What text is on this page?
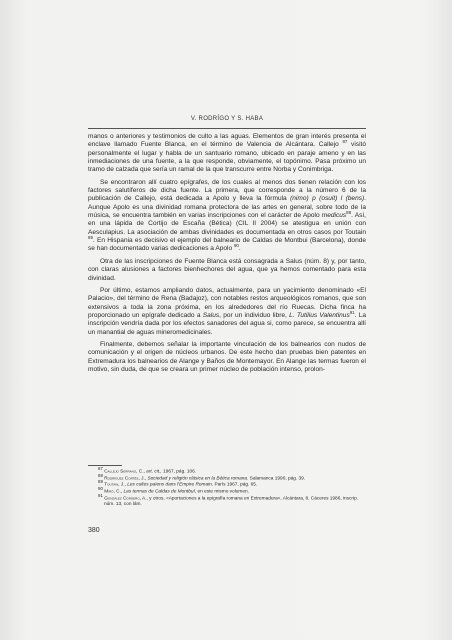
V. RODRÍGO Y S. HABA

manos o anteriores y testimonios de culto a las aguas. Elementos de gran interés presenta el enclave llamado Fuente Blanca, en el término de Valencia de Alcántara. Callejo $^{87}$ visitó personalmente el lugar y habla de un santuario romano, ubicado en paraje ameno y en las inmediaciones de una fuente, a la que responde, obviamente, el topónimo. Pasa próximo un tramo de calzada que sería un ramal de la que transcurre entre Norba y Conimbriga.

Se encontraron allí cuatro epígrafes, de los cuales al menos dos tienen relación con los factores salutíferos de dicha fuente. La primera, que corresponde a la número 6 de la publicación de Callejo, está dedicada a Apolo y lleva la fórmula (nimo) p (osuit) l (bens). Aunque Apolo es una divinidad romana protectora de las artes en general, sobre todo de la música, se encuentra también en varias inscripciones con el carácter de Apolo medicus$^{88}$. Así, en una lápida de Cortijo de Escaña (Bética) (CIL II 2004) se atestigua en unión con Aesculapius. La asociación de ambas divinidades es documentada en otros casos por Toutain $^{89}$. En Hispania es decisivo el ejemplo del balneario de Caldas de Montbui (Barcelona), donde se han documentado varias dedicaciones a Apolo $^{90}$.

Otra de las inscripciones de Fuente Blanca está consagrada a Salus (núm. 8) y, por tanto, con claras alusiones a factores bienhechores del agua, que ya hemos comentado para esta divinidad.

Por último, estamos ampliando datos, actualmente, para un yacimiento denominado «El Palacio», del término de Rena (Badajoz), con notables restos arqueológicos romanos, que son extensivos a toda la zona próxima, en los alrededores del río Ruecas. Dicha finca ha proporcionado un epígrafe dedicado a Salus, por un individuo libre, L. Tutilius Valentinus$^{91}$. La inscripción vendría dada por los efectos sanadores del agua si, como parece, se encuentra allí un manantial de aguas mineromedicinales.

Finalmente, debemos señalar la importante vinculación de los balnearios con nudos de comunicación y el origen de núcleos urbanos. De este hecho dan pruebas bien patentes en Extremadura los balnearios de Alange y Baños de Montemayor. En Alange las termas fueron el motivo, sin duda, de que se creara un primer núcleo de población intenso, prolon-

$^{87}$ Callejo Serrano, C., art. cit., 1967, pág. 106.

$^{88}$ Rodríguez Cortés, J., Sociedad y religión clásica en la Bética romana. Salamanca 1990, pág. 39.

$^{89}$ Toutain, J., Les cultes païens dans l'Empire Romain. París 1967, pág. 65.

$^{90}$ Miró, C., Las termas de Caldas de Montbuí, en este mismo volumen.

$^{91}$ González Cordero, A., y otros, «Aportaciones a la epigrafía romana en Extremadura», Alcántara, 8. Cáceres 1986, inscrip. núm. 13, con lám.

380
